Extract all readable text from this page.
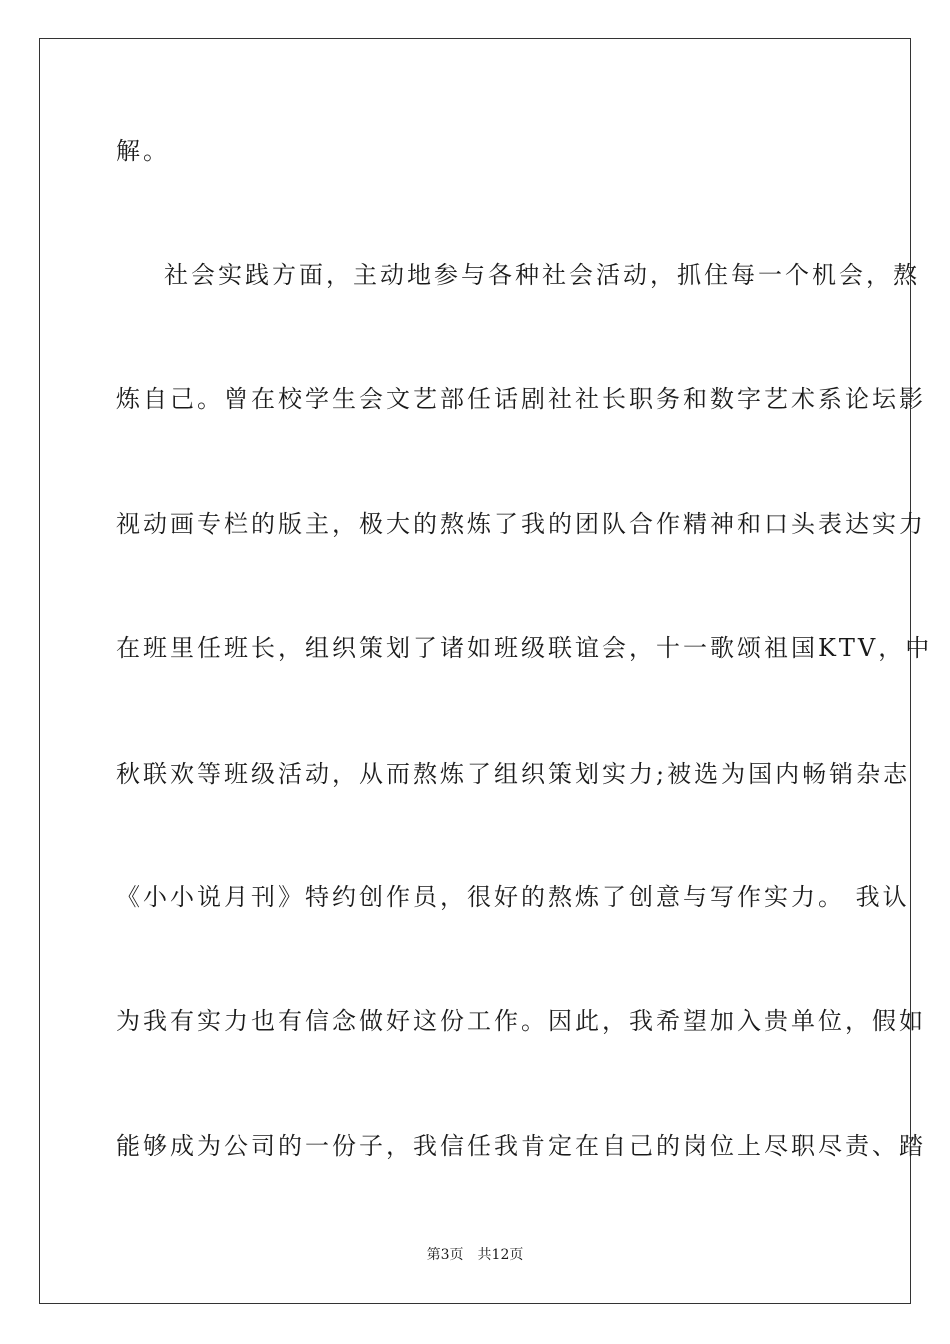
解。
社会实践方面，主动地参与各种社会活动，抓住每一个机会，熬
炼自己。曾在校学生会文艺部任话剧社社长职务和数字艺术系论坛影
视动画专栏的版主，极大的熬炼了我的团队合作精神和口头表达实力
在班里任班长，组织策划了诸如班级联谊会，十一歌颂祖国KTV，中
秋联欢等班级活动，从而熬炼了组织策划实力;被选为国内畅销杂志
《小小说月刊》特约创作员，很好的熬炼了创意与写作实力。 我认
为我有实力也有信念做好这份工作。因此，我希望加入贵单位，假如
能够成为公司的一份子，我信任我肯定在自己的岗位上尽职尽责、踏
第3页 共12页
